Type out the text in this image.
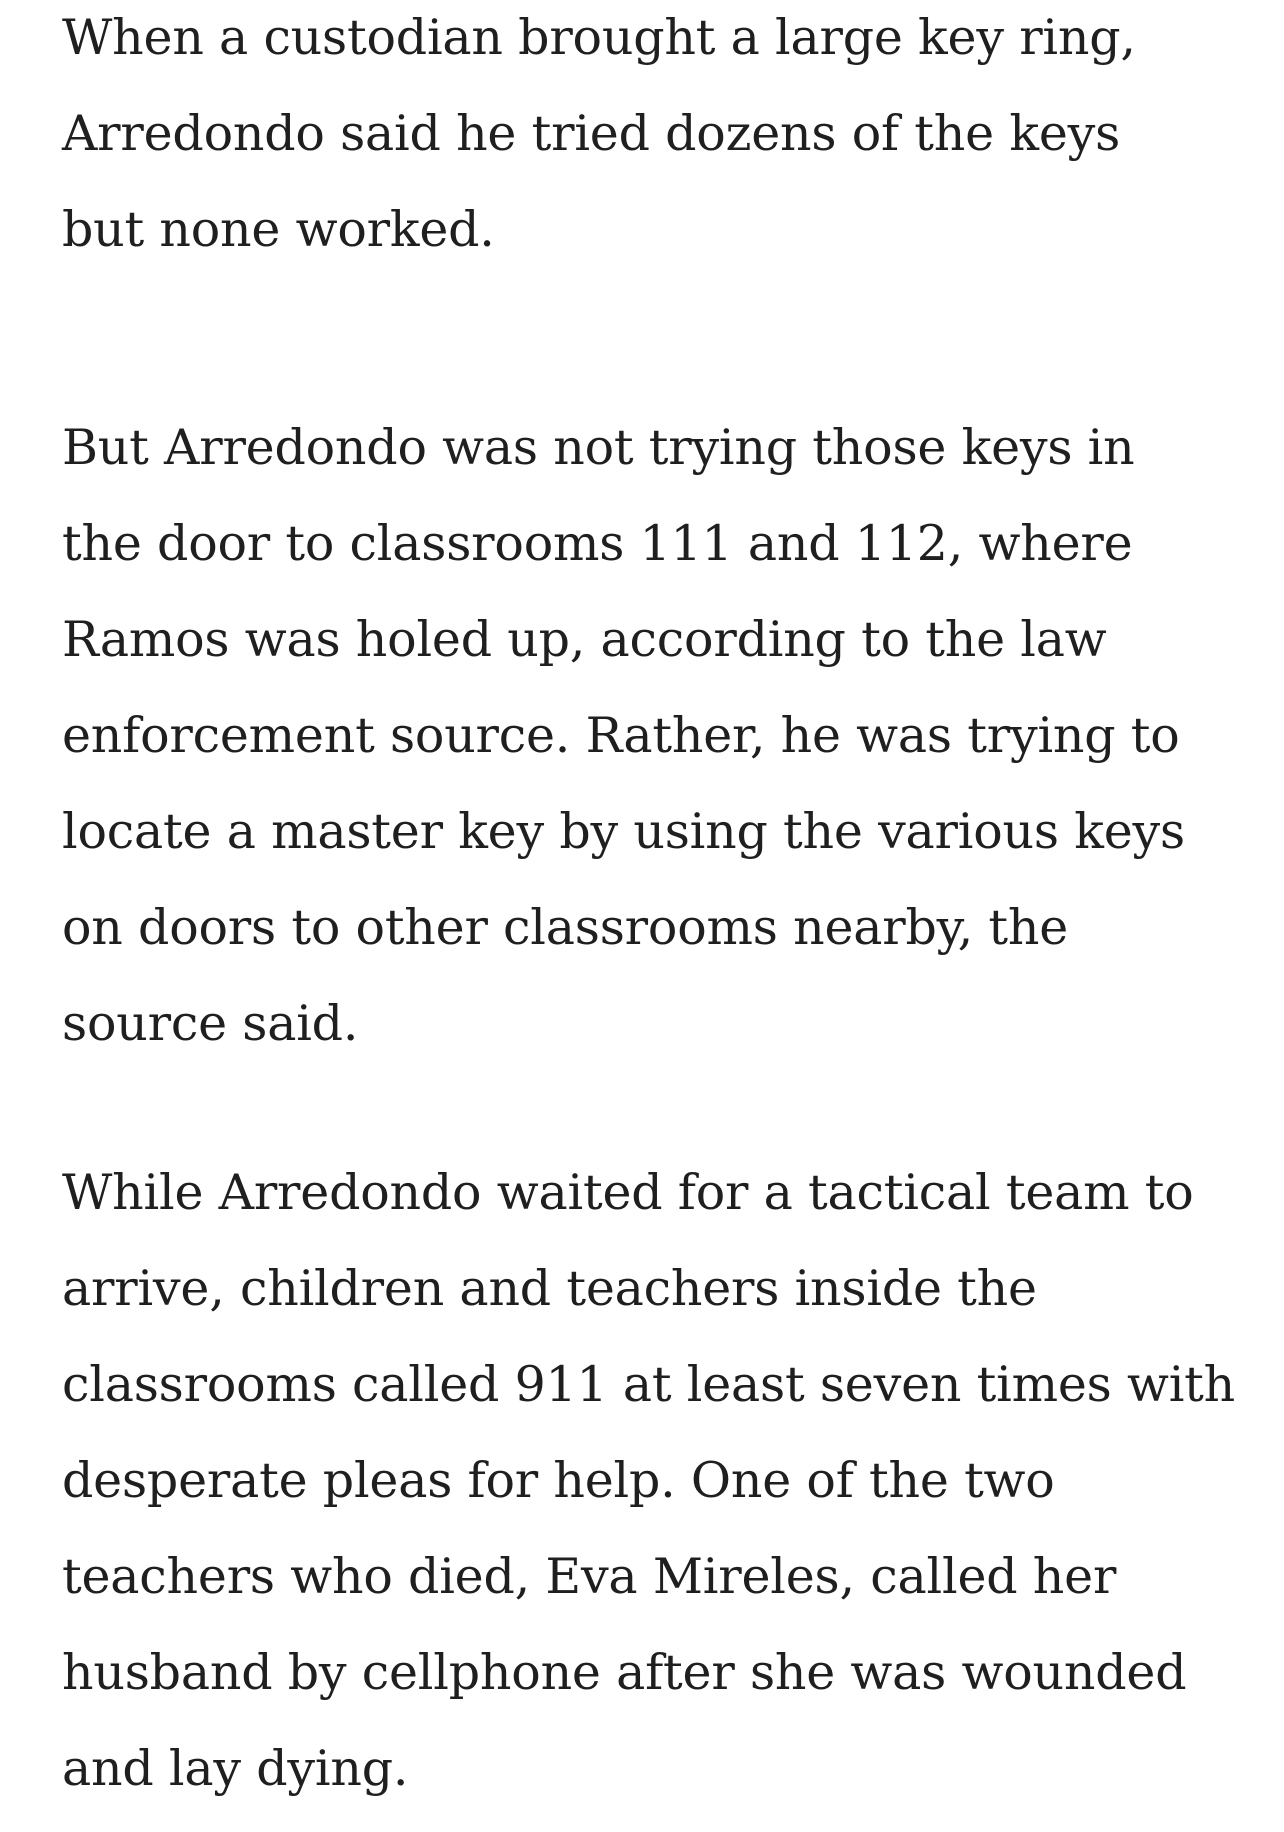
When a custodian brought a large key ring,
Arredondo said he tried dozens of the keys
but none worked.
But Arredondo was not trying those keys in
the door to classrooms 111 and 112, where
Ramos was holed up, according to the law
enforcement source. Rather, he was trying to
locate a master key by using the various keys
on doors to other classrooms nearby, the
source said.
While Arredondo waited for a tactical team to
arrive, children and teachers inside the
classrooms called 911 at least seven times with
desperate pleas for help. One of the two
teachers who died, Eva Mireles, called her
husband by cellphone after she was wounded
and lay dying.
